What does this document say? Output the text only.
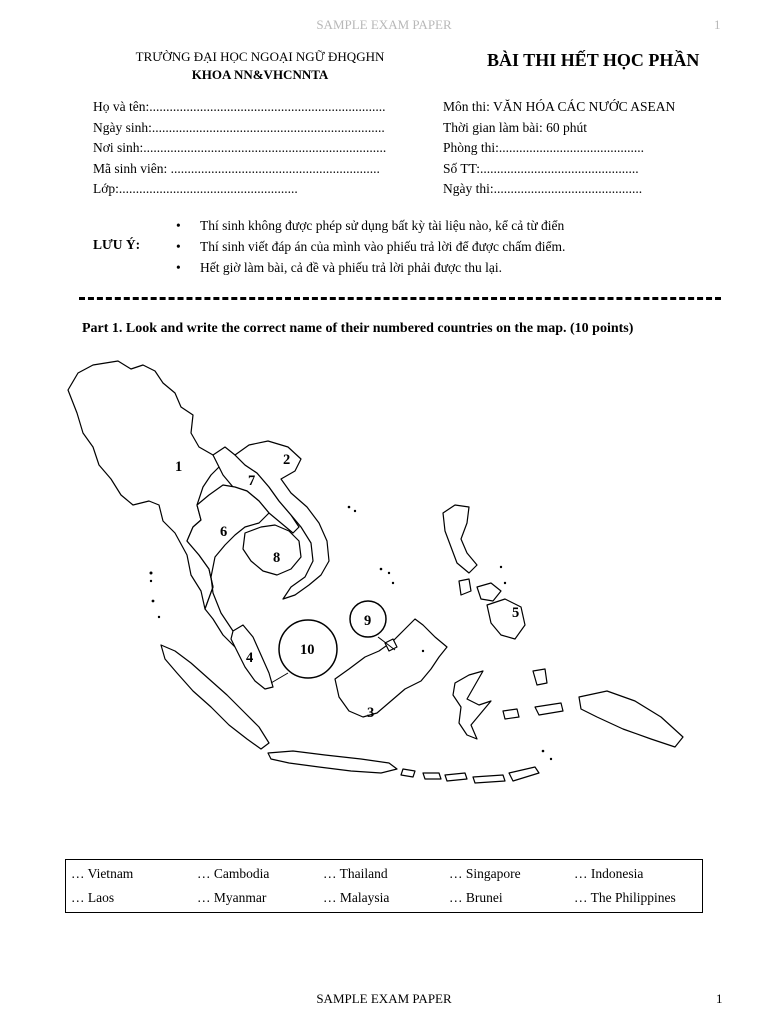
SAMPLE EXAM PAPER	1
TRƯỜNG ĐẠI HỌC NGOẠI NGỮ ĐHQGHN
KHOA NN&VHCNNTA
BÀI THI HẾT HỌC PHẦN
Họ và tên:......................................................................
Ngày sinh:.....................................................................
Nơi sinh:........................................................................
Mã sinh viên: ..............................................................
Lớp:.....................................................
Môn thi: VĂN HÓA CÁC NƯỚC ASEAN
Thời gian làm bài: 60 phút
Phòng thi:...........................................
Số TT:...............................................
Ngày thi:............................................
LƯU Ý:
• Thí sinh không được phép sử dụng bất kỳ tài liệu nào, kể cả từ điển
• Thí sinh viết đáp án của mình vào phiếu trả lời để được chấm điểm.
• Hết giờ làm bài, cả đề và phiếu trả lời phải được thu lại.
Part 1. Look and write the correct name of their numbered countries on the map. (10 points)
1	2
3
4
5
6
7
8
9
10
… Vietnam	… Cambodia	… Thailand	… Singapore	… Indonesia
… Laos	… Myanmar	… Malaysia	… Brunei	… The Philippines
SAMPLE EXAM PAPER	1
